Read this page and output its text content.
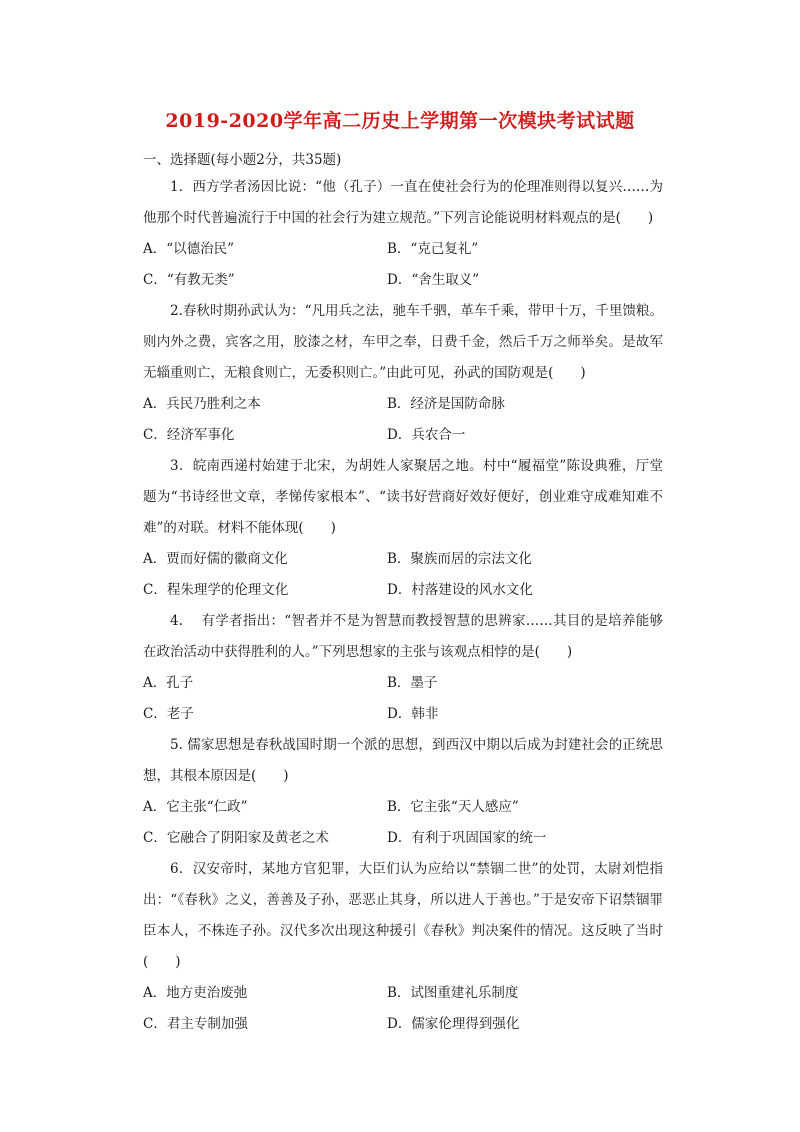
2019-2020学年高二历史上学期第一次模块考试试题
一、选择题(每小题2分，共35题)

1．西方学者汤因比说：“他（孔子）一直在使社会行为的伦理准则得以复兴……为他那个时代普遍流行于中国的社会行为建立规范。”下列言论能说明材料观点的是(　　)

A．“以德治民”	B．“克己复礼”
C．“有教无类”	D．“舍生取义”

2.春秋时期孙武认为：“凡用兵之法，驰车千驷，革车千乘，带甲十万，千里馈粮。则内外之费，宾客之用，胶漆之材，车甲之奉，日费千金，然后千万之师举矣。是故军无辎重则亡，无粮食则亡，无委积则亡。”由此可见，孙武的国防观是(　　)

A．兵民乃胜利之本	B．经济是国防命脉
C．经济军事化	D．兵农合一

3．皖南西递村始建于北宋，为胡姓人家聚居之地。村中“履福堂”陈设典雅，厅堂题为“书诗经世文章，孝悌传家根本”、“读书好营商好效好便好，创业难守成难知难不难”的对联。材料不能体现(　　)

A．贾而好儒的徽商文化	B．聚族而居的宗法文化
C．程朱理学的伦理文化	D．村落建设的风水文化

4.　 有学者指出：“智者并不是为智慧而教授智慧的思辨家……其目的是培养能够在政治活动中获得胜利的人。”下列思想家的主张与该观点相悖的是(　　)

A．孔子	B．墨子
C．老子	D．韩非

5. 儒家思想是春秋战国时期一个派的思想，到西汉中期以后成为封建社会的正统思想，其根本原因是(　　)

A．它主张“仁政”	B．它主张“天人感应”
C．它融合了阴阳家及黄老之术	D．有利于巩固国家的统一

6．汉安帝时，某地方官犯罪，大臣们认为应给以“禁锢二世”的处罚，太尉刘恺指出：“《春秋》之义，善善及子孙，恶恶止其身，所以进人于善也。”于是安帝下诏禁锢罪臣本人，不株连子孙。汉代多次出现这种援引《春秋》判决案件的情况。这反映了当时(　　)

A．地方吏治废弛	B．试图重建礼乐制度
C．君主专制加强	D．儒家伦理得到强化
